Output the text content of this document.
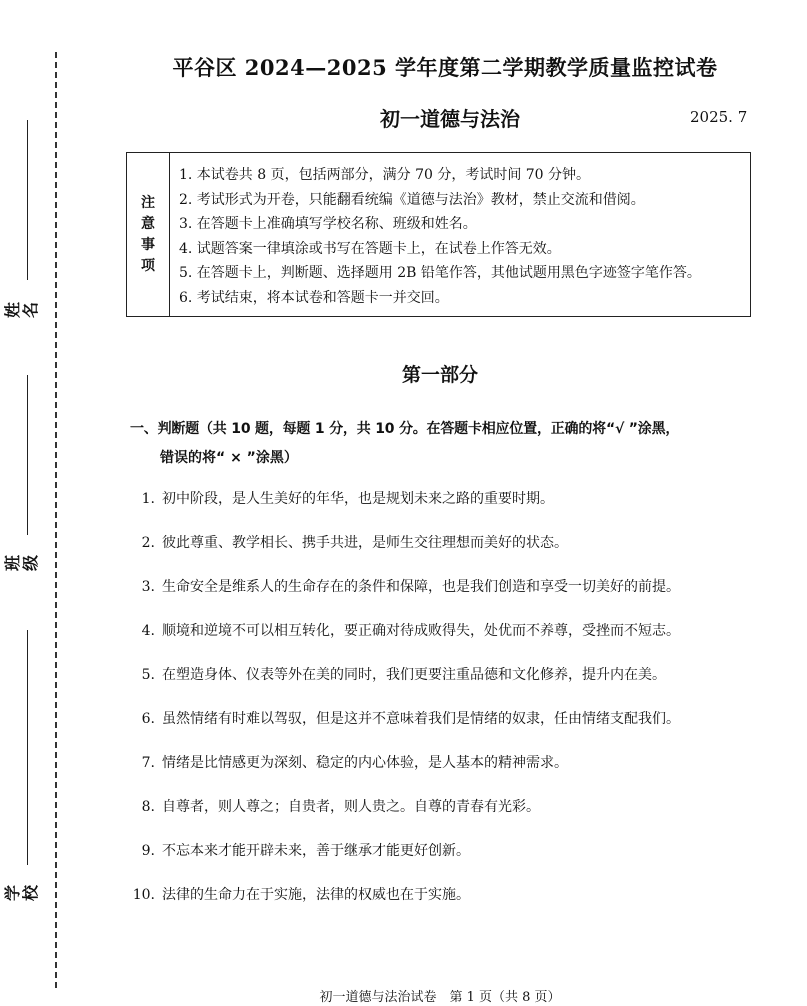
姓名
班级
学校
平谷区 2024—2025 学年度第二学期教学质量监控试卷
初一道德与法治	2025. 7
注
意
事
项
1. 本试卷共 8 页，包括两部分，满分 70 分，考试时间 70 分钟。
2. 考试形式为开卷，只能翻看统编《道德与法治》教材，禁止交流和借阅。
3. 在答题卡上准确填写学校名称、班级和姓名。
4. 试题答案一律填涂或书写在答题卡上，在试卷上作答无效。
5. 在答题卡上，判断题、选择题用 2B 铅笔作答，其他试题用黑色字迹签字笔作答。
6. 考试结束，将本试卷和答题卡一并交回。
第一部分
一、判断题（共 10 题，每题 1 分，共 10 分。在答题卡相应位置，正确的将“√ ”涂黑，
错误的将“ × ”涂黑）
1. 初中阶段，是人生美好的年华，也是规划未来之路的重要时期。
2. 彼此尊重、教学相长、携手共进，是师生交往理想而美好的状态。
3. 生命安全是维系人的生命存在的条件和保障，也是我们创造和享受一切美好的前提。
4. 顺境和逆境不可以相互转化，要正确对待成败得失，处优而不养尊，受挫而不短志。
5. 在塑造身体、仪表等外在美的同时，我们更要注重品德和文化修养，提升内在美。
6. 虽然情绪有时难以驾驭，但是这并不意味着我们是情绪的奴隶，任由情绪支配我们。
7. 情绪是比情感更为深刻、稳定的内心体验，是人基本的精神需求。
8. 自尊者，则人尊之；自贵者，则人贵之。自尊的青春有光彩。
9. 不忘本来才能开辟未来，善于继承才能更好创新。
10. 法律的生命力在于实施，法律的权威也在于实施。
初一道德与法治试卷　第 1 页（共 8 页）
